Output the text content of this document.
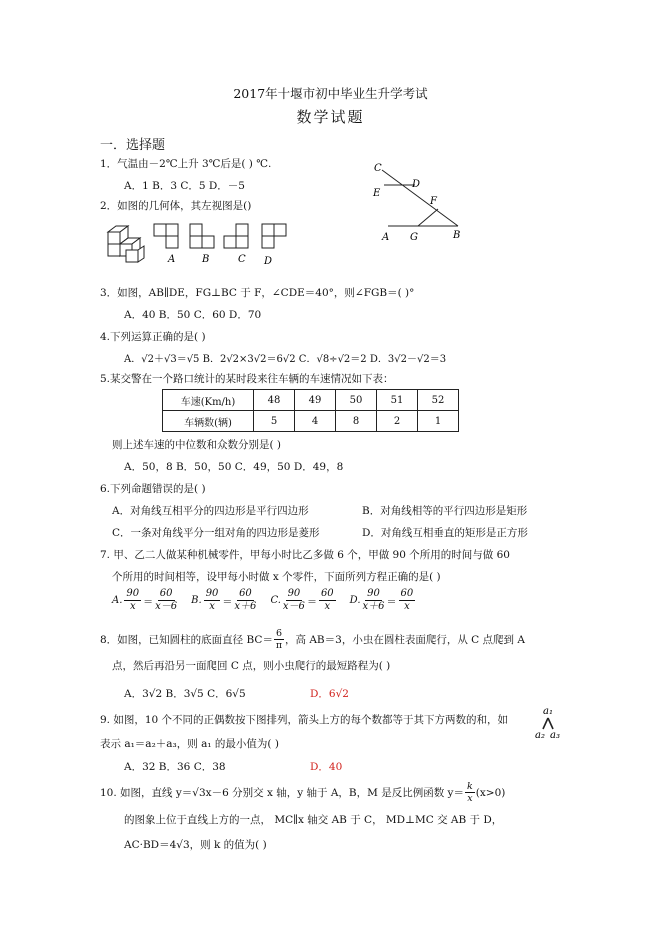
2017年十堰市初中毕业生升学考试
数学试题
一．选择题
1．气温由－2℃上升 3℃后是( ) ℃.
A．1 B．3 C．5 D．－5
C
D
E
F
A G	B
2．如图的几何体，其左视图是()
A	B	C D
3．如图，AB∥DE，FG⊥BC 于 F，∠CDE＝40°，则∠FGB＝( )°
A．40 B．50 C．60 D．70
4.下列运算正确的是( )
A．√2＋√3＝√5 B．2√2×3√2＝6√2 C．√8÷√2＝2 D．3√2－√2＝3
5.某交警在一个路口统计的某时段来往车辆的车速情况如下表：
车速(Km/h)	48	49	50	51	52
车辆数(辆)	5	4	8	2	1
则上述车速的中位数和众数分别是( )
A．50，8 B．50，50 C．49，50 D．49，8
6.下列命题错误的是( )
A．对角线互相平分的四边形是平行四边形	B．对角线相等的平行四边形是矩形
C．一条对角线平分一组对角的四边形是菱形	D．对角线互相垂直的矩形是正方形
7. 甲、乙二人做某种机械零件，甲每小时比乙多做 6 个，甲做 90 个所用的时间与做 60
个所用的时间相等，设甲每小时做 x 个零件，下面所列方程正确的是( )
A. $\frac{90}{x} = \frac{60}{x-6} B$. $\frac{90}{x} = \frac{60}{x+6} C$. $\frac{90}{x-6} = \frac{60}{x} D$. $\frac{90}{x+6} = \frac{60}{x}$
8．如图，已知圆柱的底面直径 $BC= \frac{6}{\pi}$ ，高 AB＝3，小虫在圆柱表面爬行，从 C 点爬到 A
点，然后再沿另一面爬回 C 点，则小虫爬行的最短路程为( )
A．3√2 B．3√5 C．6√5	D．6√2
9. 如图，10 个不同的正偶数按下图排列，箭头上方的每个数都等于其下方两数的和，如
a₁
a₂ a₃
表示 a₁＝a₂＋a₃，则 a₁ 的最小值为( )
A．32 B．36 C．38	D．40
10. 如图，直线 y＝√3x－6 分别交 x 轴，y 轴于 A，B，M 是反比例函数 $y= \frac{k}{x} (x>0)$
的图象上位于直线上方的一点， MC∥x 轴交 AB 于 C， MD⊥MC 交 AB 于 D，
AC·BD＝4√3，则 k 的值为( )
